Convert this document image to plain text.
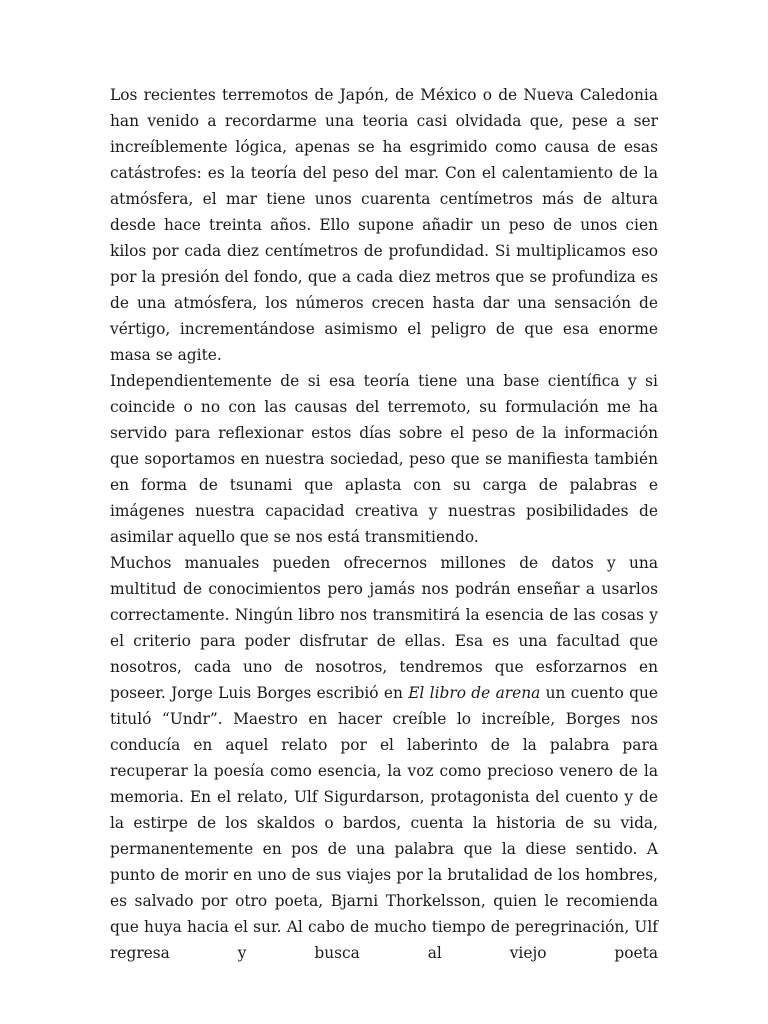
Los recientes terremotos de Japón, de México o de Nueva Caledonia han venido a recordarme una teoria casi olvidada que, pese a ser increíblemente lógica, apenas se ha esgrimido como causa de esas catástrofes: es la teoría del peso del mar. Con el calentamiento de la atmósfera, el mar tiene unos cuarenta centímetros más de altura desde hace treinta años. Ello supone añadir un peso de unos cien kilos por cada diez centímetros de profundidad. Si multiplicamos eso por la presión del fondo, que a cada diez metros que se profundiza es de una atmósfera, los números crecen hasta dar una sensación de vértigo, incrementándose asimismo el peligro de que esa enorme masa se agite.

Independientemente de si esa teoría tiene una base científica y si coincide o no con las causas del terremoto, su formulación me ha servido para reflexionar estos días sobre el peso de la información que soportamos en nuestra sociedad, peso que se manifiesta también en forma de tsunami que aplasta con su carga de palabras e imágenes nuestra capacidad creativa y nuestras posibilidades de asimilar aquello que se nos está transmitiendo.

Muchos manuales pueden ofrecernos millones de datos y una multitud de conocimientos pero jamás nos podrán enseñar a usarlos correctamente. Ningún libro nos transmitirá la esencia de las cosas y el criterio para poder disfrutar de ellas. Esa es una facultad que nosotros, cada uno de nosotros, tendremos que esforzarnos en poseer. Jorge Luis Borges escribió en El libro de arena un cuento que tituló “Undr”. Maestro en hacer creíble lo increíble, Borges nos conducía en aquel relato por el laberinto de la palabra para recuperar la poesía como esencia, la voz como precioso venero de la memoria. En el relato, Ulf Sigurdarson, protagonista del cuento y de la estirpe de los skaldos o bardos, cuenta la historia de su vida, permanentemente en pos de una palabra que la diese sentido. A punto de morir en uno de sus viajes por la brutalidad de los hombres, es salvado por otro poeta, Bjarni Thorkelsson, quien le recomienda que huya hacia el sur. Al cabo de mucho tiempo de peregrinación, Ulf regresa y busca al viejo poeta
